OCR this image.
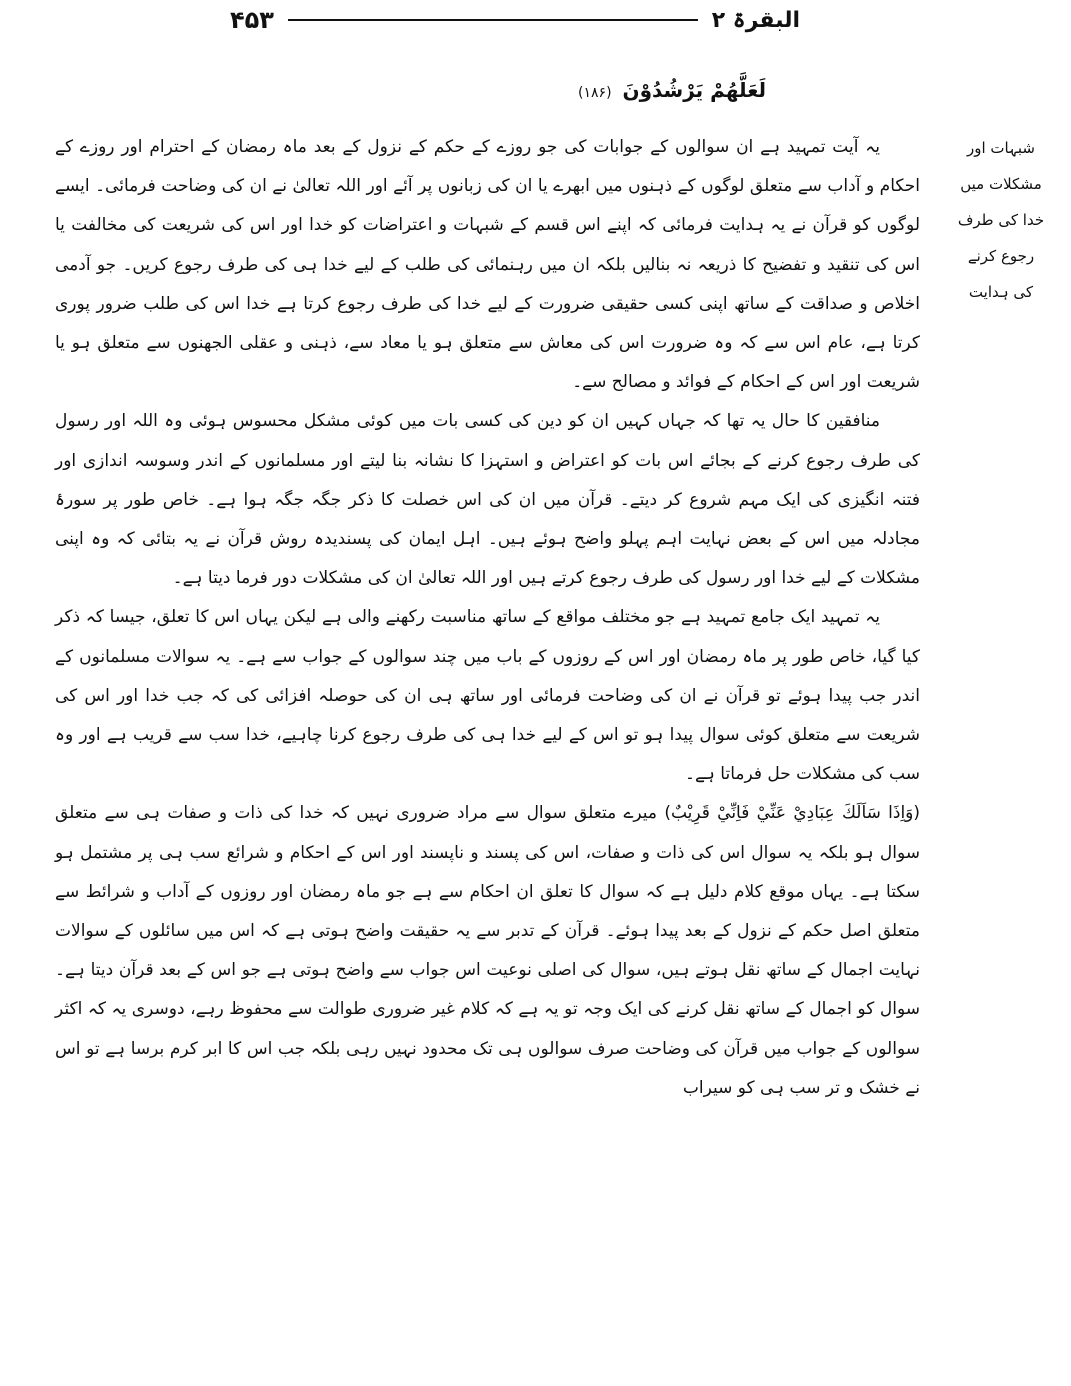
۴۵۳	البقرۃ ۲
لَعَلَّهُمْ يَرْشُدُوْنَ (۱۸۶)
شبہات اور
مشکلات میں
خدا کی طرف
رجوع کرنے
کی ہدایت

یہ آیت تمہید ہے ان سوالوں کے جوابات کی جو روزے کے حکم کے نزول کے بعد ماہ رمضان کے احترام اور روزے کے احکام و آداب سے متعلق لوگوں کے ذہنوں میں ابھرے یا ان کی زبانوں پر آئے اور اللہ تعالیٰ نے ان کی وضاحت فرمائی۔ ایسے لوگوں کو قرآن نے یہ ہدایت فرمائی کہ اپنے اس قسم کے شبہات و اعتراضات کو خدا اور اس کی شریعت کی مخالفت یا اس کی تنقید و تفضیح کا ذریعہ نہ بنالیں بلکہ ان میں رہنمائی کی طلب کے لیے خدا ہی کی طرف رجوع کریں۔ جو آدمی اخلاص و صداقت کے ساتھ اپنی کسی حقیقی ضرورت کے لیے خدا کی طرف رجوع کرتا ہے خدا اس کی طلب ضرور پوری کرتا ہے، عام اس سے کہ وہ ضرورت اس کی معاش سے متعلق ہو یا معاد سے، ذہنی و عقلی الجھنوں سے متعلق ہو یا شریعت اور اس کے احکام کے فوائد و مصالح سے۔

منافقین کا حال یہ تھا کہ جہاں کہیں ان کو دین کی کسی بات میں کوئی مشکل محسوس ہوئی وہ اللہ اور رسول کی طرف رجوع کرنے کے بجائے اس بات کو اعتراض و استہزا کا نشانہ بنا لیتے اور مسلمانوں کے اندر وسوسہ اندازی اور فتنہ انگیزی کی ایک مہم شروع کر دیتے۔ قرآن میں ان کی اس خصلت کا ذکر جگہ جگہ ہوا ہے۔ خاص طور پر سورۂ مجادلہ میں اس کے بعض نہایت اہم پہلو واضح ہوئے ہیں۔ اہل ایمان کی پسندیدہ روش قرآن نے یہ بتائی کہ وہ اپنی مشکلات کے لیے خدا اور رسول کی طرف رجوع کرتے ہیں اور اللہ تعالیٰ ان کی مشکلات دور فرما دیتا ہے۔

یہ تمہید ایک جامع تمہید ہے جو مختلف مواقع کے ساتھ مناسبت رکھنے والی ہے لیکن یہاں اس کا تعلق، جیسا کہ ذکر کیا گیا، خاص طور پر ماہ رمضان اور اس کے روزوں کے باب میں چند سوالوں کے جواب سے ہے۔ یہ سوالات مسلمانوں کے اندر جب پیدا ہوئے تو قرآن نے ان کی وضاحت فرمائی اور ساتھ ہی ان کی حوصلہ افزائی کی کہ جب خدا اور اس کی شریعت سے متعلق کوئی سوال پیدا ہو تو اس کے لیے خدا ہی کی طرف رجوع کرنا چاہیے، خدا سب سے قریب ہے اور وہ سب کی مشکلات حل فرماتا ہے۔

(وَاِذَا سَاَلَكَ عِبَادِيْ عَنِّيْ فَاِنِّيْ قَرِيْبٌ) میرے متعلق سوال سے مراد ضروری نہیں کہ خدا کی ذات و صفات ہی سے متعلق سوال ہو بلکہ یہ سوال اس کی ذات و صفات، اس کی پسند و ناپسند اور اس کے احکام و شرائع سب ہی پر مشتمل ہو سکتا ہے۔ یہاں موقع کلام دلیل ہے کہ سوال کا تعلق ان احکام سے ہے جو ماہ رمضان اور روزوں کے آداب و شرائط سے متعلق اصل حکم کے نزول کے بعد پیدا ہوئے۔ قرآن کے تدبر سے یہ حقیقت واضح ہوتی ہے کہ اس میں سائلوں کے سوالات نہایت اجمال کے ساتھ نقل ہوتے ہیں، سوال کی اصلی نوعیت اس جواب سے واضح ہوتی ہے جو اس کے بعد قرآن دیتا ہے۔ سوال کو اجمال کے ساتھ نقل کرنے کی ایک وجہ تو یہ ہے کہ کلام غیر ضروری طوالت سے محفوظ رہے، دوسری یہ کہ اکثر سوالوں کے جواب میں قرآن کی وضاحت صرف سوالوں ہی تک محدود نہیں رہی بلکہ جب اس کا ابر کرم برسا ہے تو اس نے خشک و تر سب ہی کو سیراب
